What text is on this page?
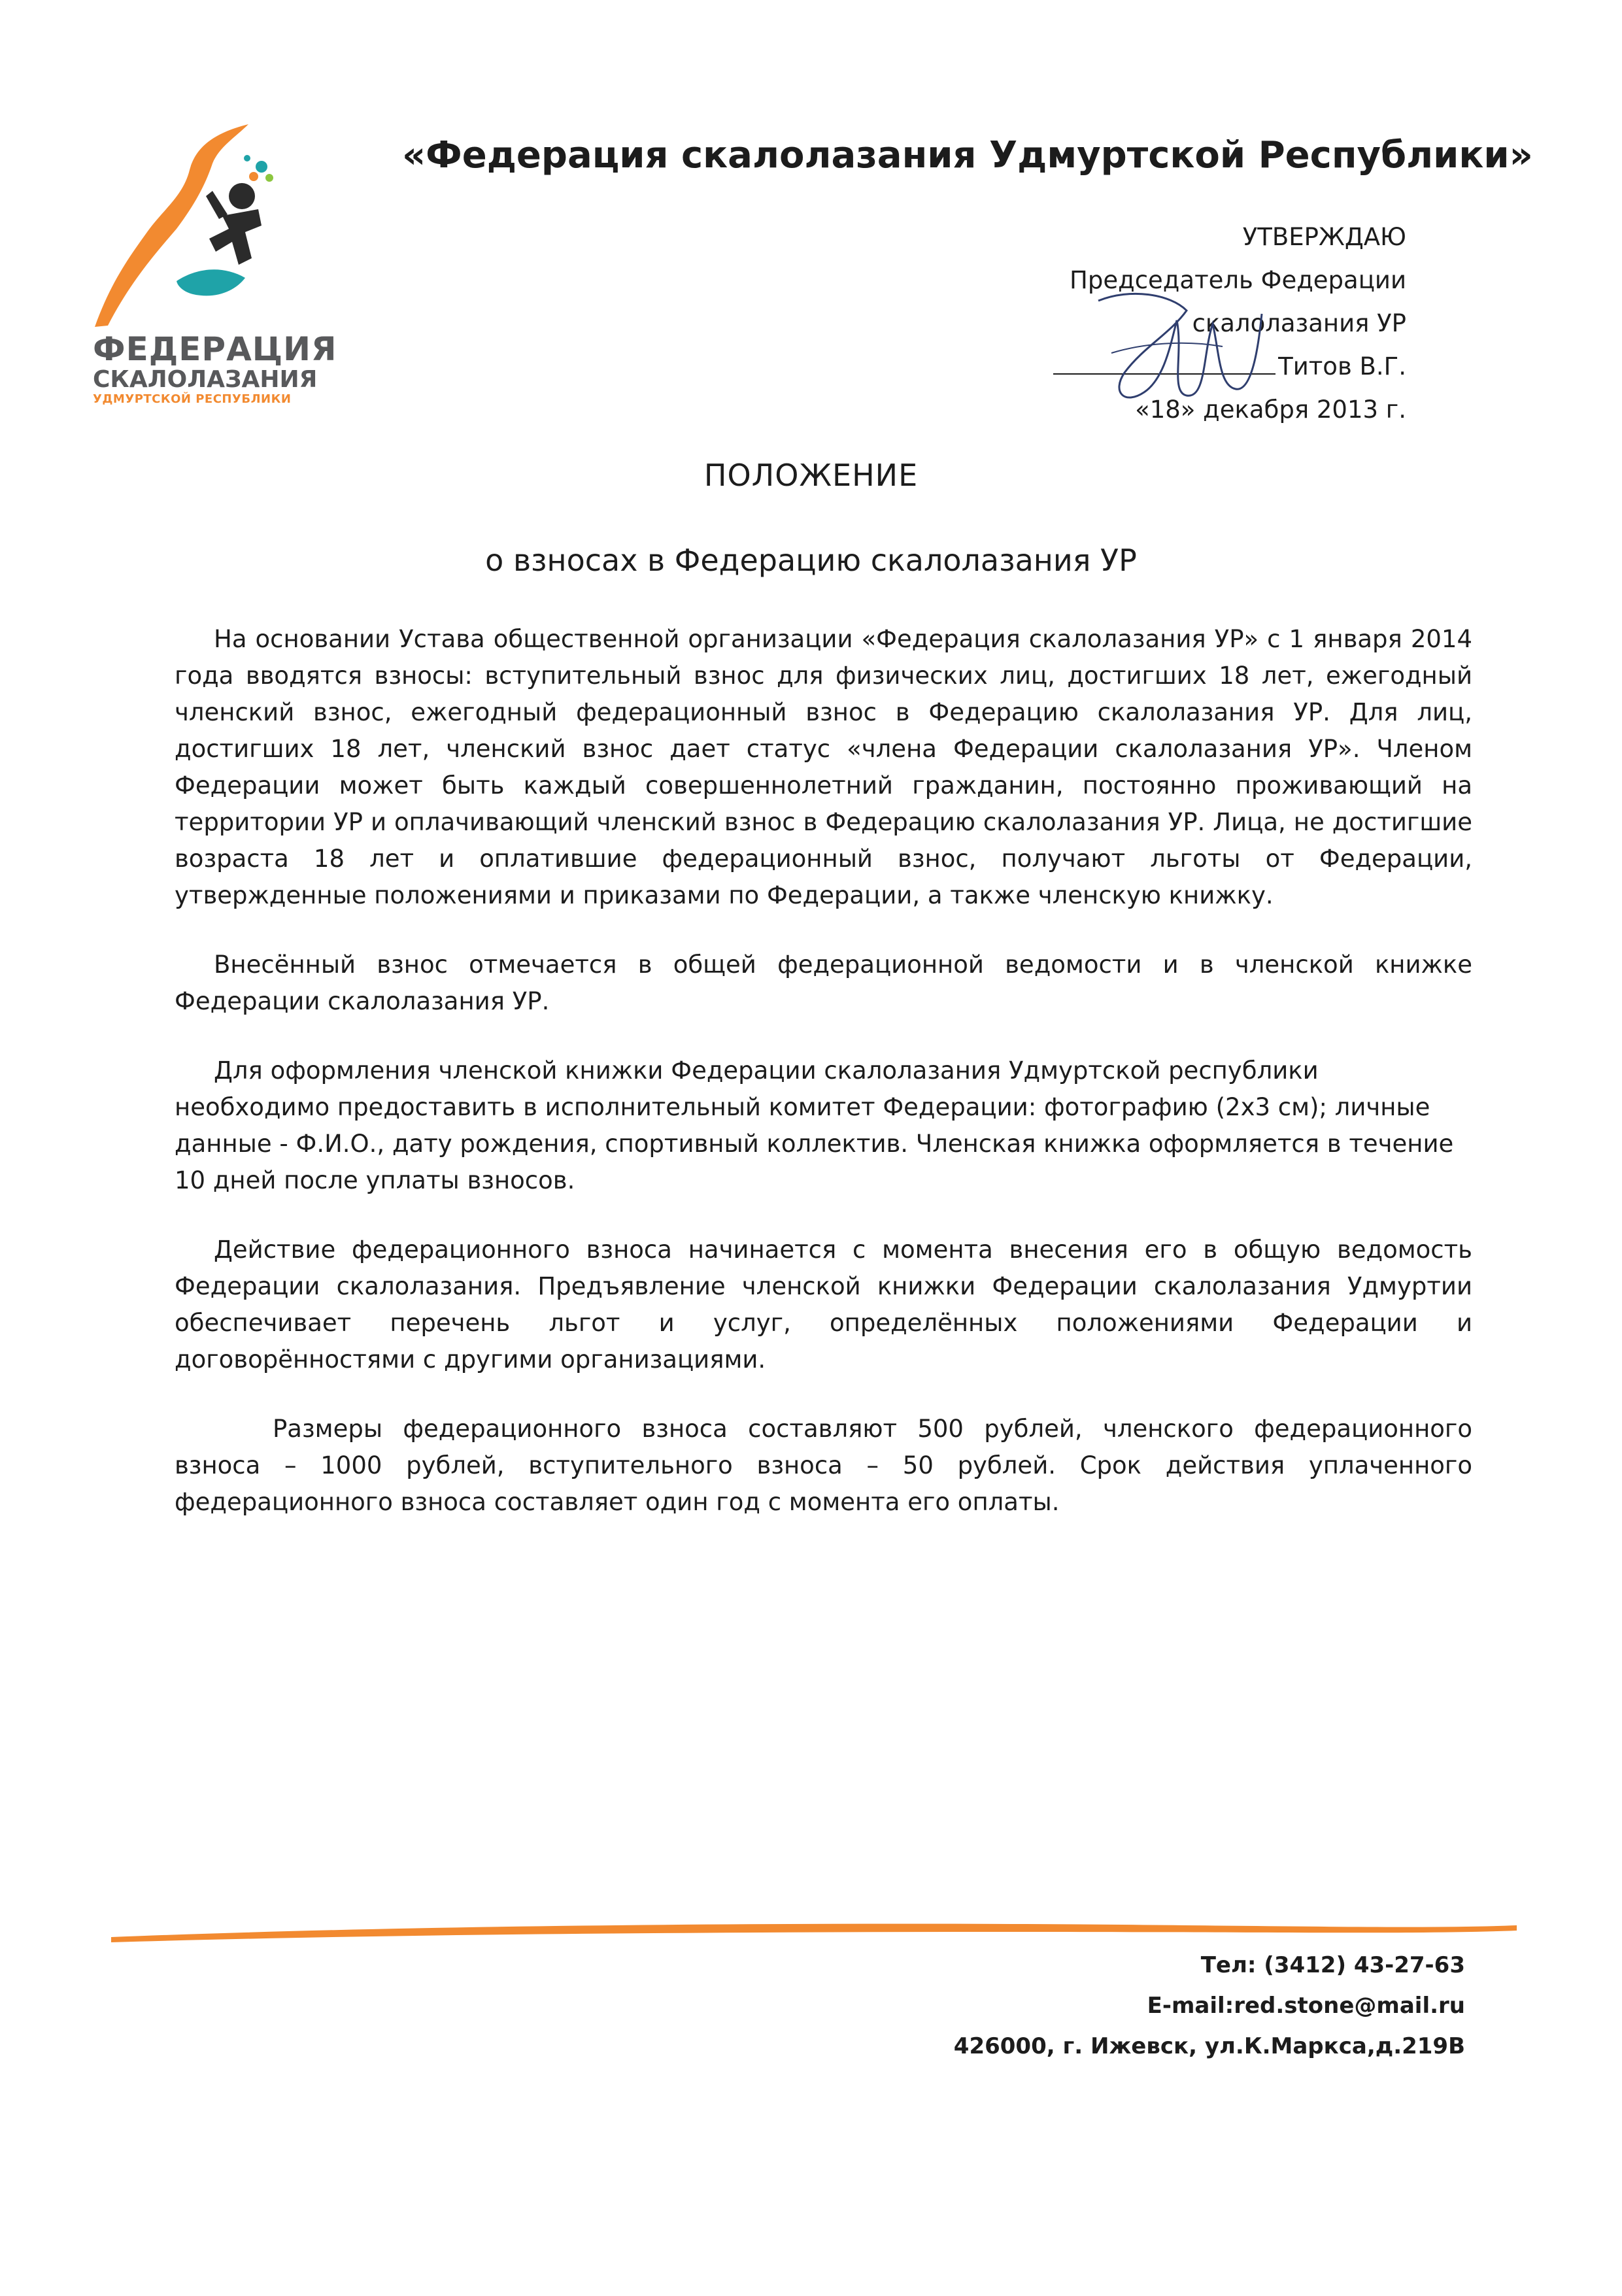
ФЕДЕРАЦИЯ
СКАЛОЛАЗАНИЯ
УДМУРТСКОЙ РЕСПУБЛИКИ
«Федерация скалолазания Удмуртской Республики»
УТВЕРЖДАЮ
Председатель Федерации
скалолазания УР
Титов В.Г.
«18» декабря 2013 г.
ПОЛОЖЕНИЕ
о взносах в Федерацию скалолазания УР

На основании Устава общественной организации «Федерация скалолазания УР» с 1 января 2014 года вводятся взносы: вступительный взнос для физических лиц, достигших 18 лет, ежегодный членский взнос, ежегодный федерационный взнос в Федерацию скалолазания УР. Для лиц, достигших 18 лет, членский взнос дает статус «члена Федерации скалолазания УР». Членом Федерации может быть каждый совершеннолетний гражданин, постоянно проживающий на территории УР и оплачивающий членский взнос в Федерацию скалолазания УР. Лица, не достигшие возраста 18 лет и оплатившие федерационный взнос, получают льготы от Федерации, утвержденные положениями и приказами по Федерации, а также членскую книжку.

Внесённый взнос отмечается в общей федерационной ведомости и в членской книжке Федерации скалолазания УР.

Для оформления членской книжки Федерации скалолазания Удмуртской республики необходимо предоставить в исполнительный комитет Федерации: фотографию (2х3 см); личные данные - Ф.И.О., дату рождения, спортивный коллектив. Членская книжка оформляется в течение 10 дней после уплаты взносов.

Действие федерационного взноса начинается с момента внесения его в общую ведомость Федерации скалолазания. Предъявление членской книжки Федерации скалолазания Удмуртии обеспечивает перечень льгот и услуг, определённых положениями Федерации и договорённостями с другими организациями.

Размеры федерационного взноса составляют 500 рублей, членского федерационного взноса – 1000 рублей, вступительного взноса – 50 рублей. Срок действия уплаченного федерационного взноса составляет один год с момента его оплаты.

Тел: (3412) 43-27-63
E-mail:red.stone@mail.ru
426000, г. Ижевск, ул.К.Маркса,д.219В
